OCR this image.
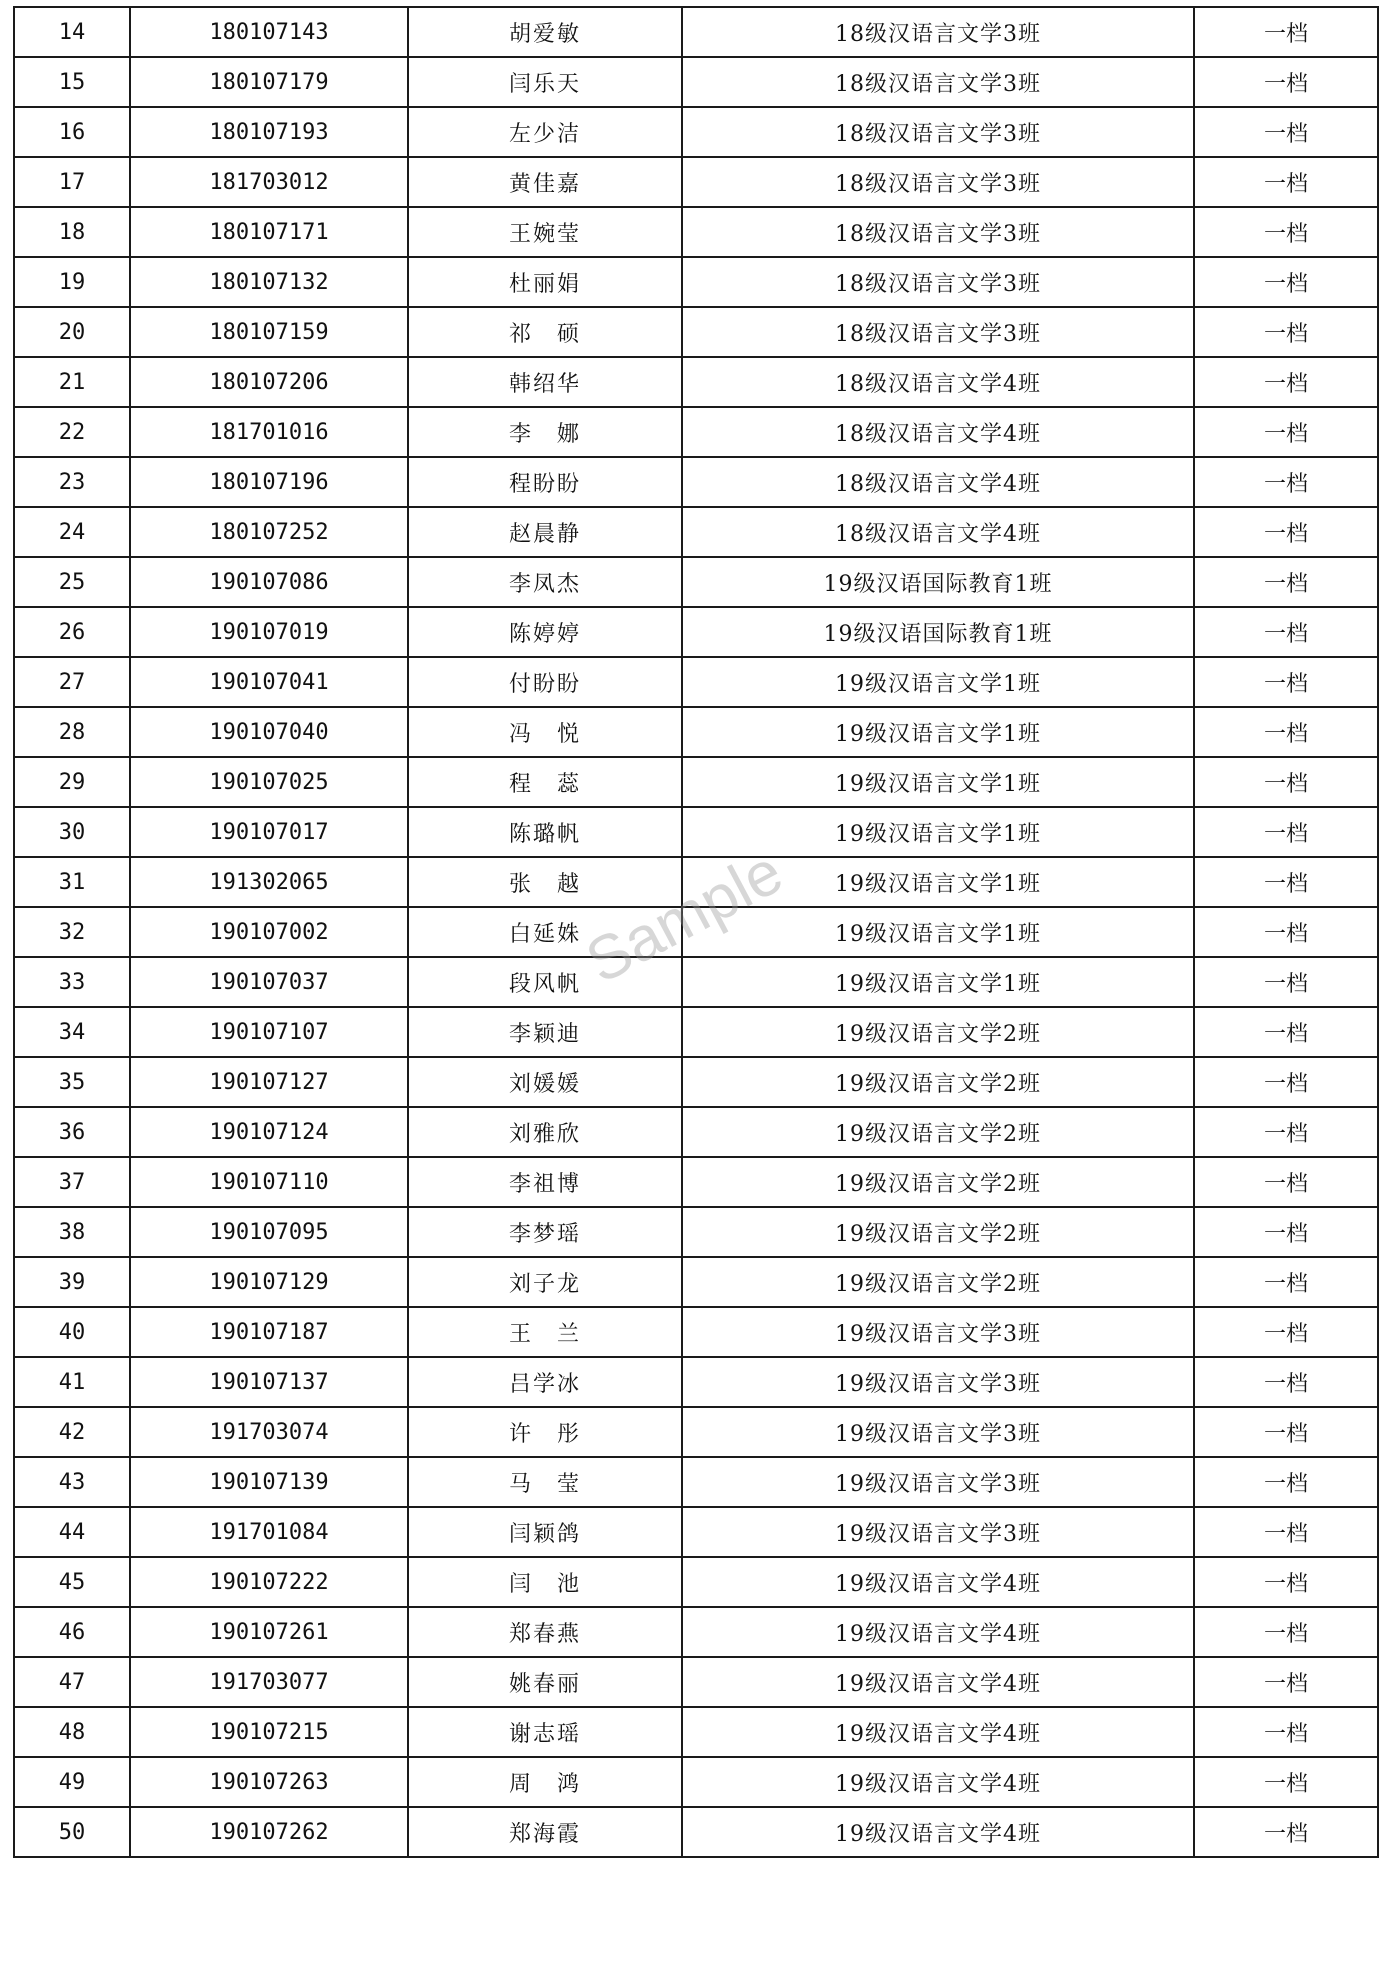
14	180107143	胡爱敏	18级汉语言文学3班	一档
15	180107179	闫乐天	18级汉语言文学3班	一档
16	180107193	左少洁	18级汉语言文学3班	一档
17	181703012	黄佳嘉	18级汉语言文学3班	一档
18	180107171	王婉莹	18级汉语言文学3班	一档
19	180107132	杜丽娟	18级汉语言文学3班	一档
20	180107159	祁　硕	18级汉语言文学3班	一档
21	180107206	韩绍华	18级汉语言文学4班	一档
22	181701016	李　娜	18级汉语言文学4班	一档
23	180107196	程盼盼	18级汉语言文学4班	一档
24	180107252	赵晨静	18级汉语言文学4班	一档
25	190107086	李凤杰	19级汉语国际教育1班	一档
26	190107019	陈婷婷	19级汉语国际教育1班	一档
27	190107041	付盼盼	19级汉语言文学1班	一档
28	190107040	冯　悦	19级汉语言文学1班	一档
29	190107025	程　蕊	19级汉语言文学1班	一档
30	190107017	陈璐帆	19级汉语言文学1班	一档
31	191302065	张　越	19级汉语言文学1班	一档
32	190107002	白延姝	19级汉语言文学1班	一档
33	190107037	段风帆	19级汉语言文学1班	一档
34	190107107	李颖迪	19级汉语言文学2班	一档
35	190107127	刘媛媛	19级汉语言文学2班	一档
36	190107124	刘雅欣	19级汉语言文学2班	一档
37	190107110	李祖博	19级汉语言文学2班	一档
38	190107095	李梦瑶	19级汉语言文学2班	一档
39	190107129	刘子龙	19级汉语言文学2班	一档
40	190107187	王　兰	19级汉语言文学3班	一档
41	190107137	吕学冰	19级汉语言文学3班	一档
42	191703074	许　彤	19级汉语言文学3班	一档
43	190107139	马　莹	19级汉语言文学3班	一档
44	191701084	闫颖鸽	19级汉语言文学3班	一档
45	190107222	闫　池	19级汉语言文学4班	一档
46	190107261	郑春燕	19级汉语言文学4班	一档
47	191703077	姚春丽	19级汉语言文学4班	一档
48	190107215	谢志瑶	19级汉语言文学4班	一档
49	190107263	周　鸿	19级汉语言文学4班	一档
50	190107262	郑海霞	19级汉语言文学4班	一档
Sample
